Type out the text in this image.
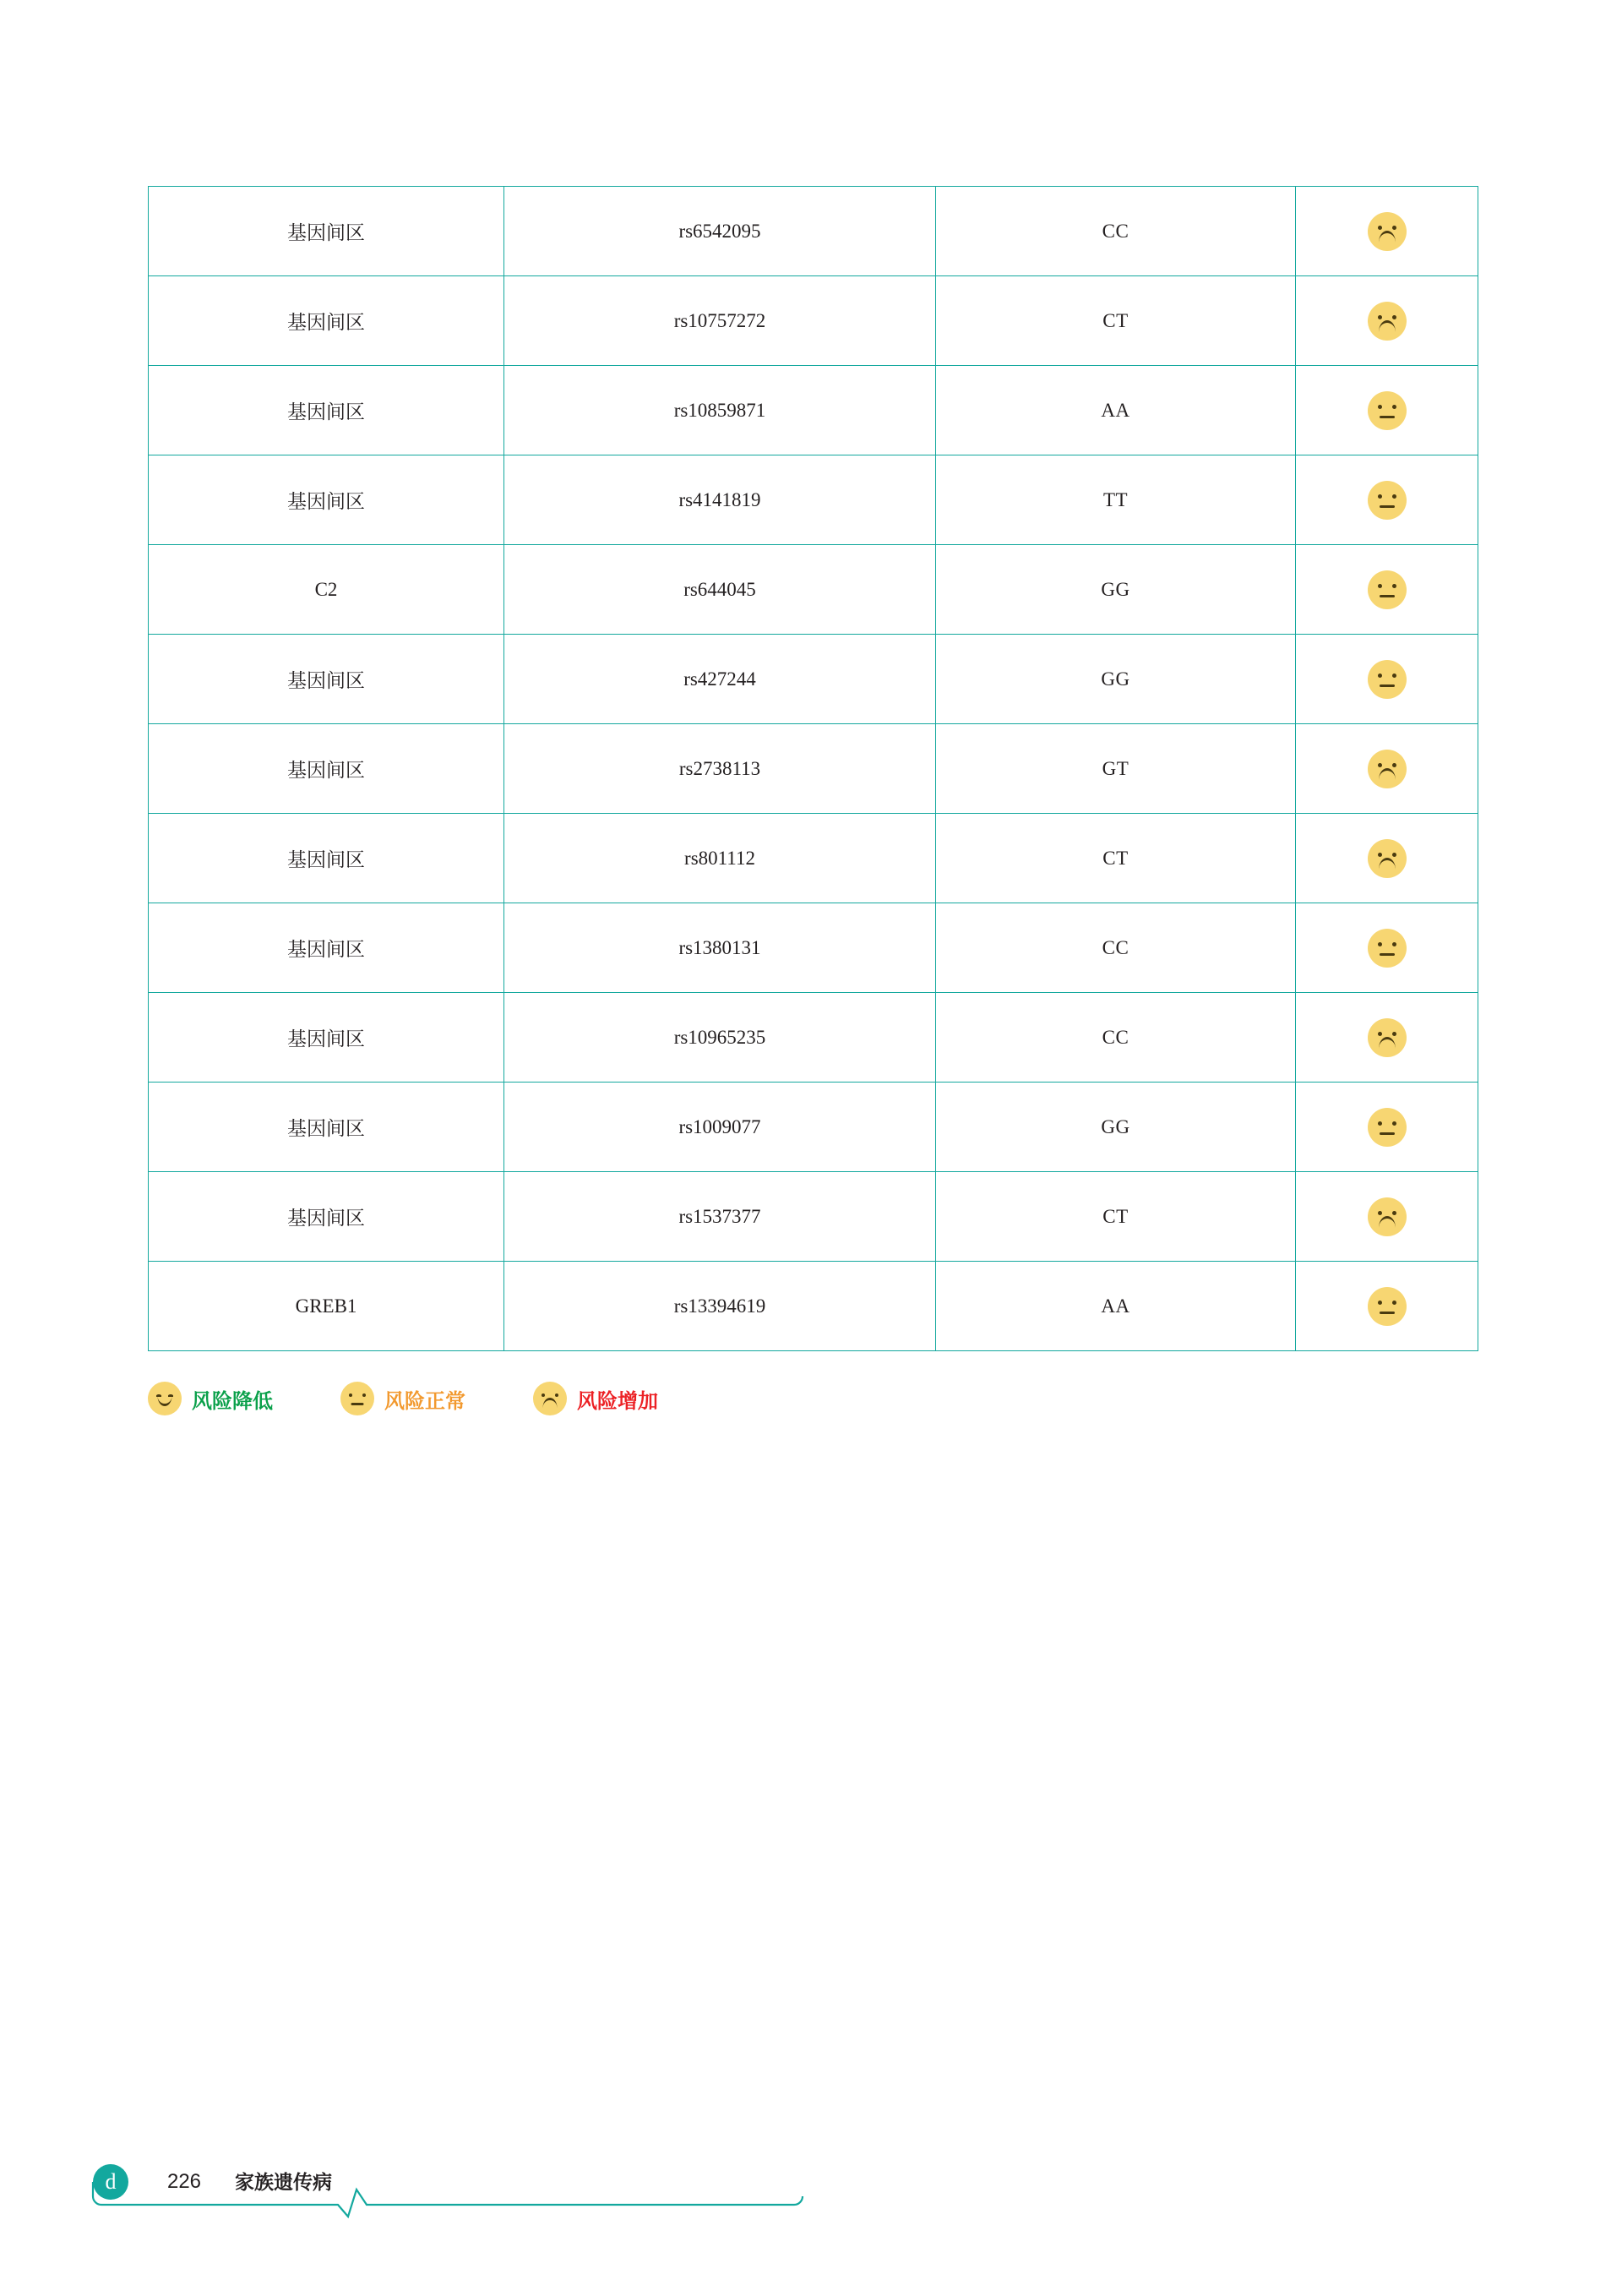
基因间区	rs6542095	CC	

基因间区	rs10757272	CT	

基因间区	rs10859871	AA	

基因间区	rs4141819	TT	

C2	rs644045	GG	

基因间区	rs427244	GG	

基因间区	rs2738113	GT	

基因间区	rs801112	CT	

基因间区	rs1380131	CC	

基因间区	rs10965235	CC	

基因间区	rs1009077	GG	

基因间区	rs1537377	CT	

GREB1	rs13394619	AA	
风险降低	风险正常	风险增加
d	226	家族遗传病
